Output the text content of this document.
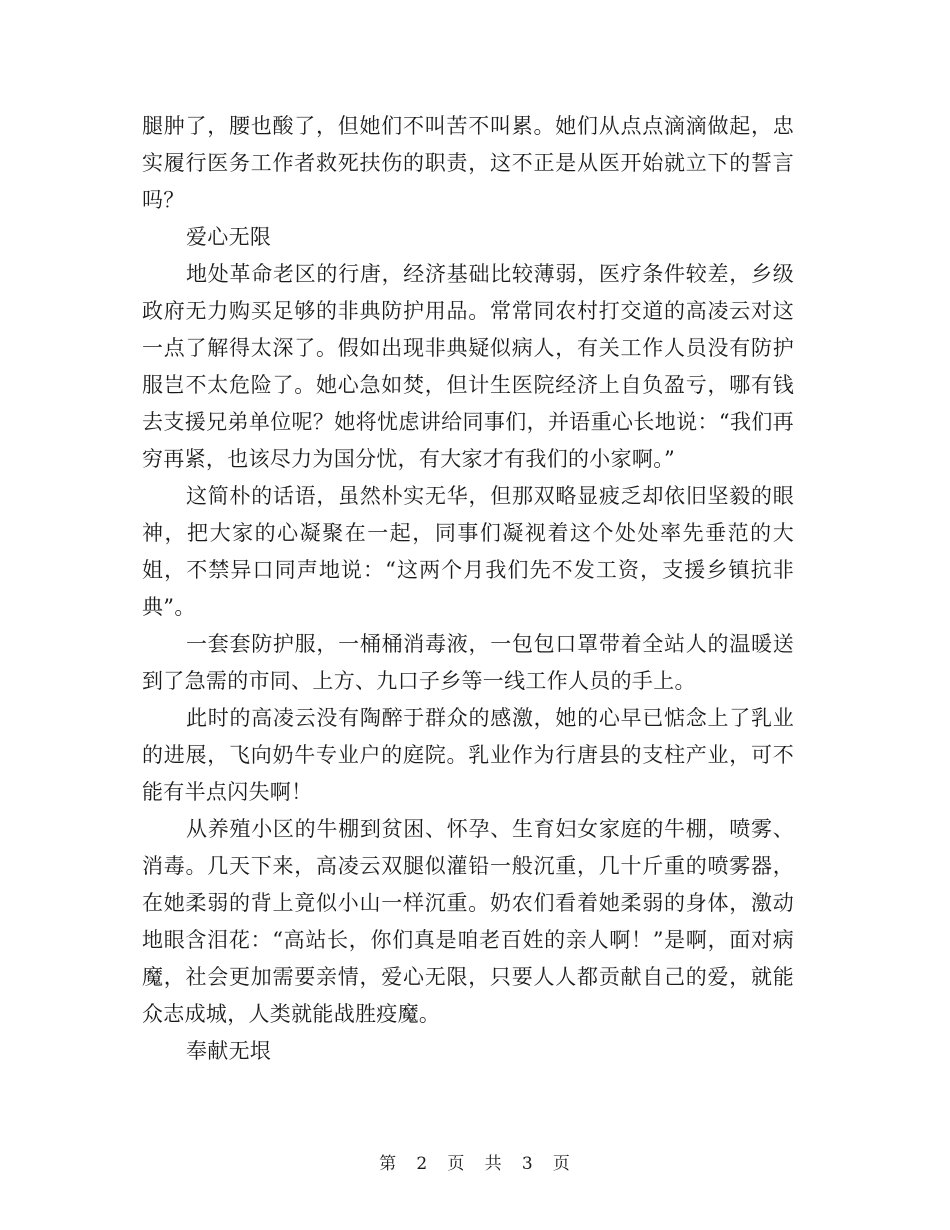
腿肿了，腰也酸了，但她们不叫苦不叫累。她们从点点滴滴做起，忠实履行医务工作者救死扶伤的职责，这不正是从医开始就立下的誓言吗？

爱心无限

地处革命老区的行唐，经济基础比较薄弱，医疗条件较差，乡级政府无力购买足够的非典防护用品。常常同农村打交道的高凌云对这一点了解得太深了。假如出现非典疑似病人，有关工作人员没有防护服岂不太危险了。她心急如焚，但计生医院经济上自负盈亏，哪有钱去支援兄弟单位呢？她将忧虑讲给同事们，并语重心长地说：“我们再穷再紧，也该尽力为国分忧，有大家才有我们的小家啊。”

这简朴的话语，虽然朴实无华，但那双略显疲乏却依旧坚毅的眼神，把大家的心凝聚在一起，同事们凝视着这个处处率先垂范的大姐，不禁异口同声地说：“这两个月我们先不发工资，支援乡镇抗非典”。

一套套防护服，一桶桶消毒液，一包包口罩带着全站人的温暖送到了急需的市同、上方、九口子乡等一线工作人员的手上。

此时的高凌云没有陶醉于群众的感激，她的心早已惦念上了乳业的进展，飞向奶牛专业户的庭院。乳业作为行唐县的支柱产业，可不能有半点闪失啊！

从养殖小区的牛棚到贫困、怀孕、生育妇女家庭的牛棚，喷雾、消毒。几天下来，高凌云双腿似灌铅一般沉重，几十斤重的喷雾器，在她柔弱的背上竟似小山一样沉重。奶农们看着她柔弱的身体，激动地眼含泪花：“高站长，你们真是咱老百姓的亲人啊！”是啊，面对病魔，社会更加需要亲情，爱心无限，只要人人都贡献自己的爱，就能众志成城，人类就能战胜疫魔。

奉献无垠

第 2 页 共 3 页
